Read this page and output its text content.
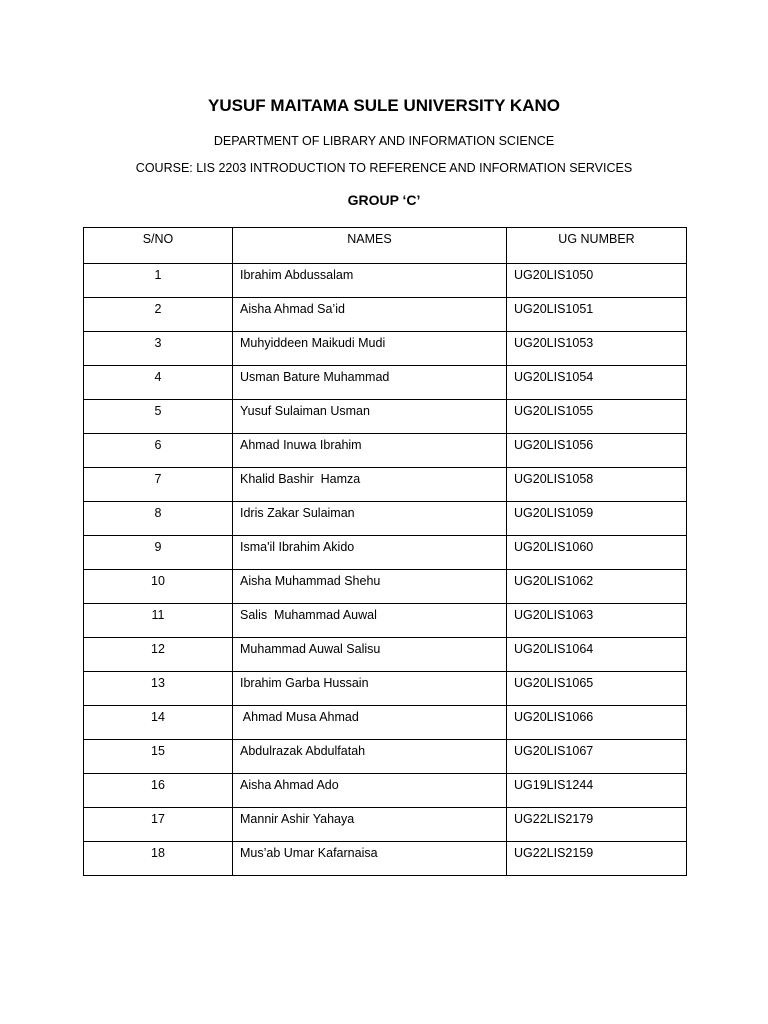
YUSUF MAITAMA SULE UNIVERSITY KANO
DEPARTMENT OF LIBRARY AND INFORMATION SCIENCE
COURSE: LIS 2203 INTRODUCTION TO REFERENCE AND INFORMATION SERVICES
GROUP ‘C’
S/NO	NAMES	UG NUMBER
1	Ibrahim Abdussalam	UG20LIS1050
2	Aisha Ahmad Sa’id	UG20LIS1051
3	Muhyiddeen Maikudi Mudi	UG20LIS1053
4	Usman Bature Muhammad	UG20LIS1054
5	Yusuf Sulaiman Usman	UG20LIS1055
6	Ahmad Inuwa Ibrahim	UG20LIS1056
7	Khalid Bashir  Hamza	UG20LIS1058
8	Idris Zakar Sulaiman	UG20LIS1059
9	Isma'il Ibrahim Akido	UG20LIS1060
10	Aisha Muhammad Shehu	UG20LIS1062
11	Salis  Muhammad Auwal	UG20LIS1063
12	Muhammad Auwal Salisu	UG20LIS1064
13	Ibrahim Garba Hussain	UG20LIS1065
14	Ahmad Musa Ahmad	UG20LIS1066
15	Abdulrazak Abdulfatah	UG20LIS1067
16	Aisha Ahmad Ado	UG19LIS1244
17	Mannir Ashir Yahaya	UG22LIS2179
18	Mus’ab Umar Kafarnaisa	UG22LIS2159
